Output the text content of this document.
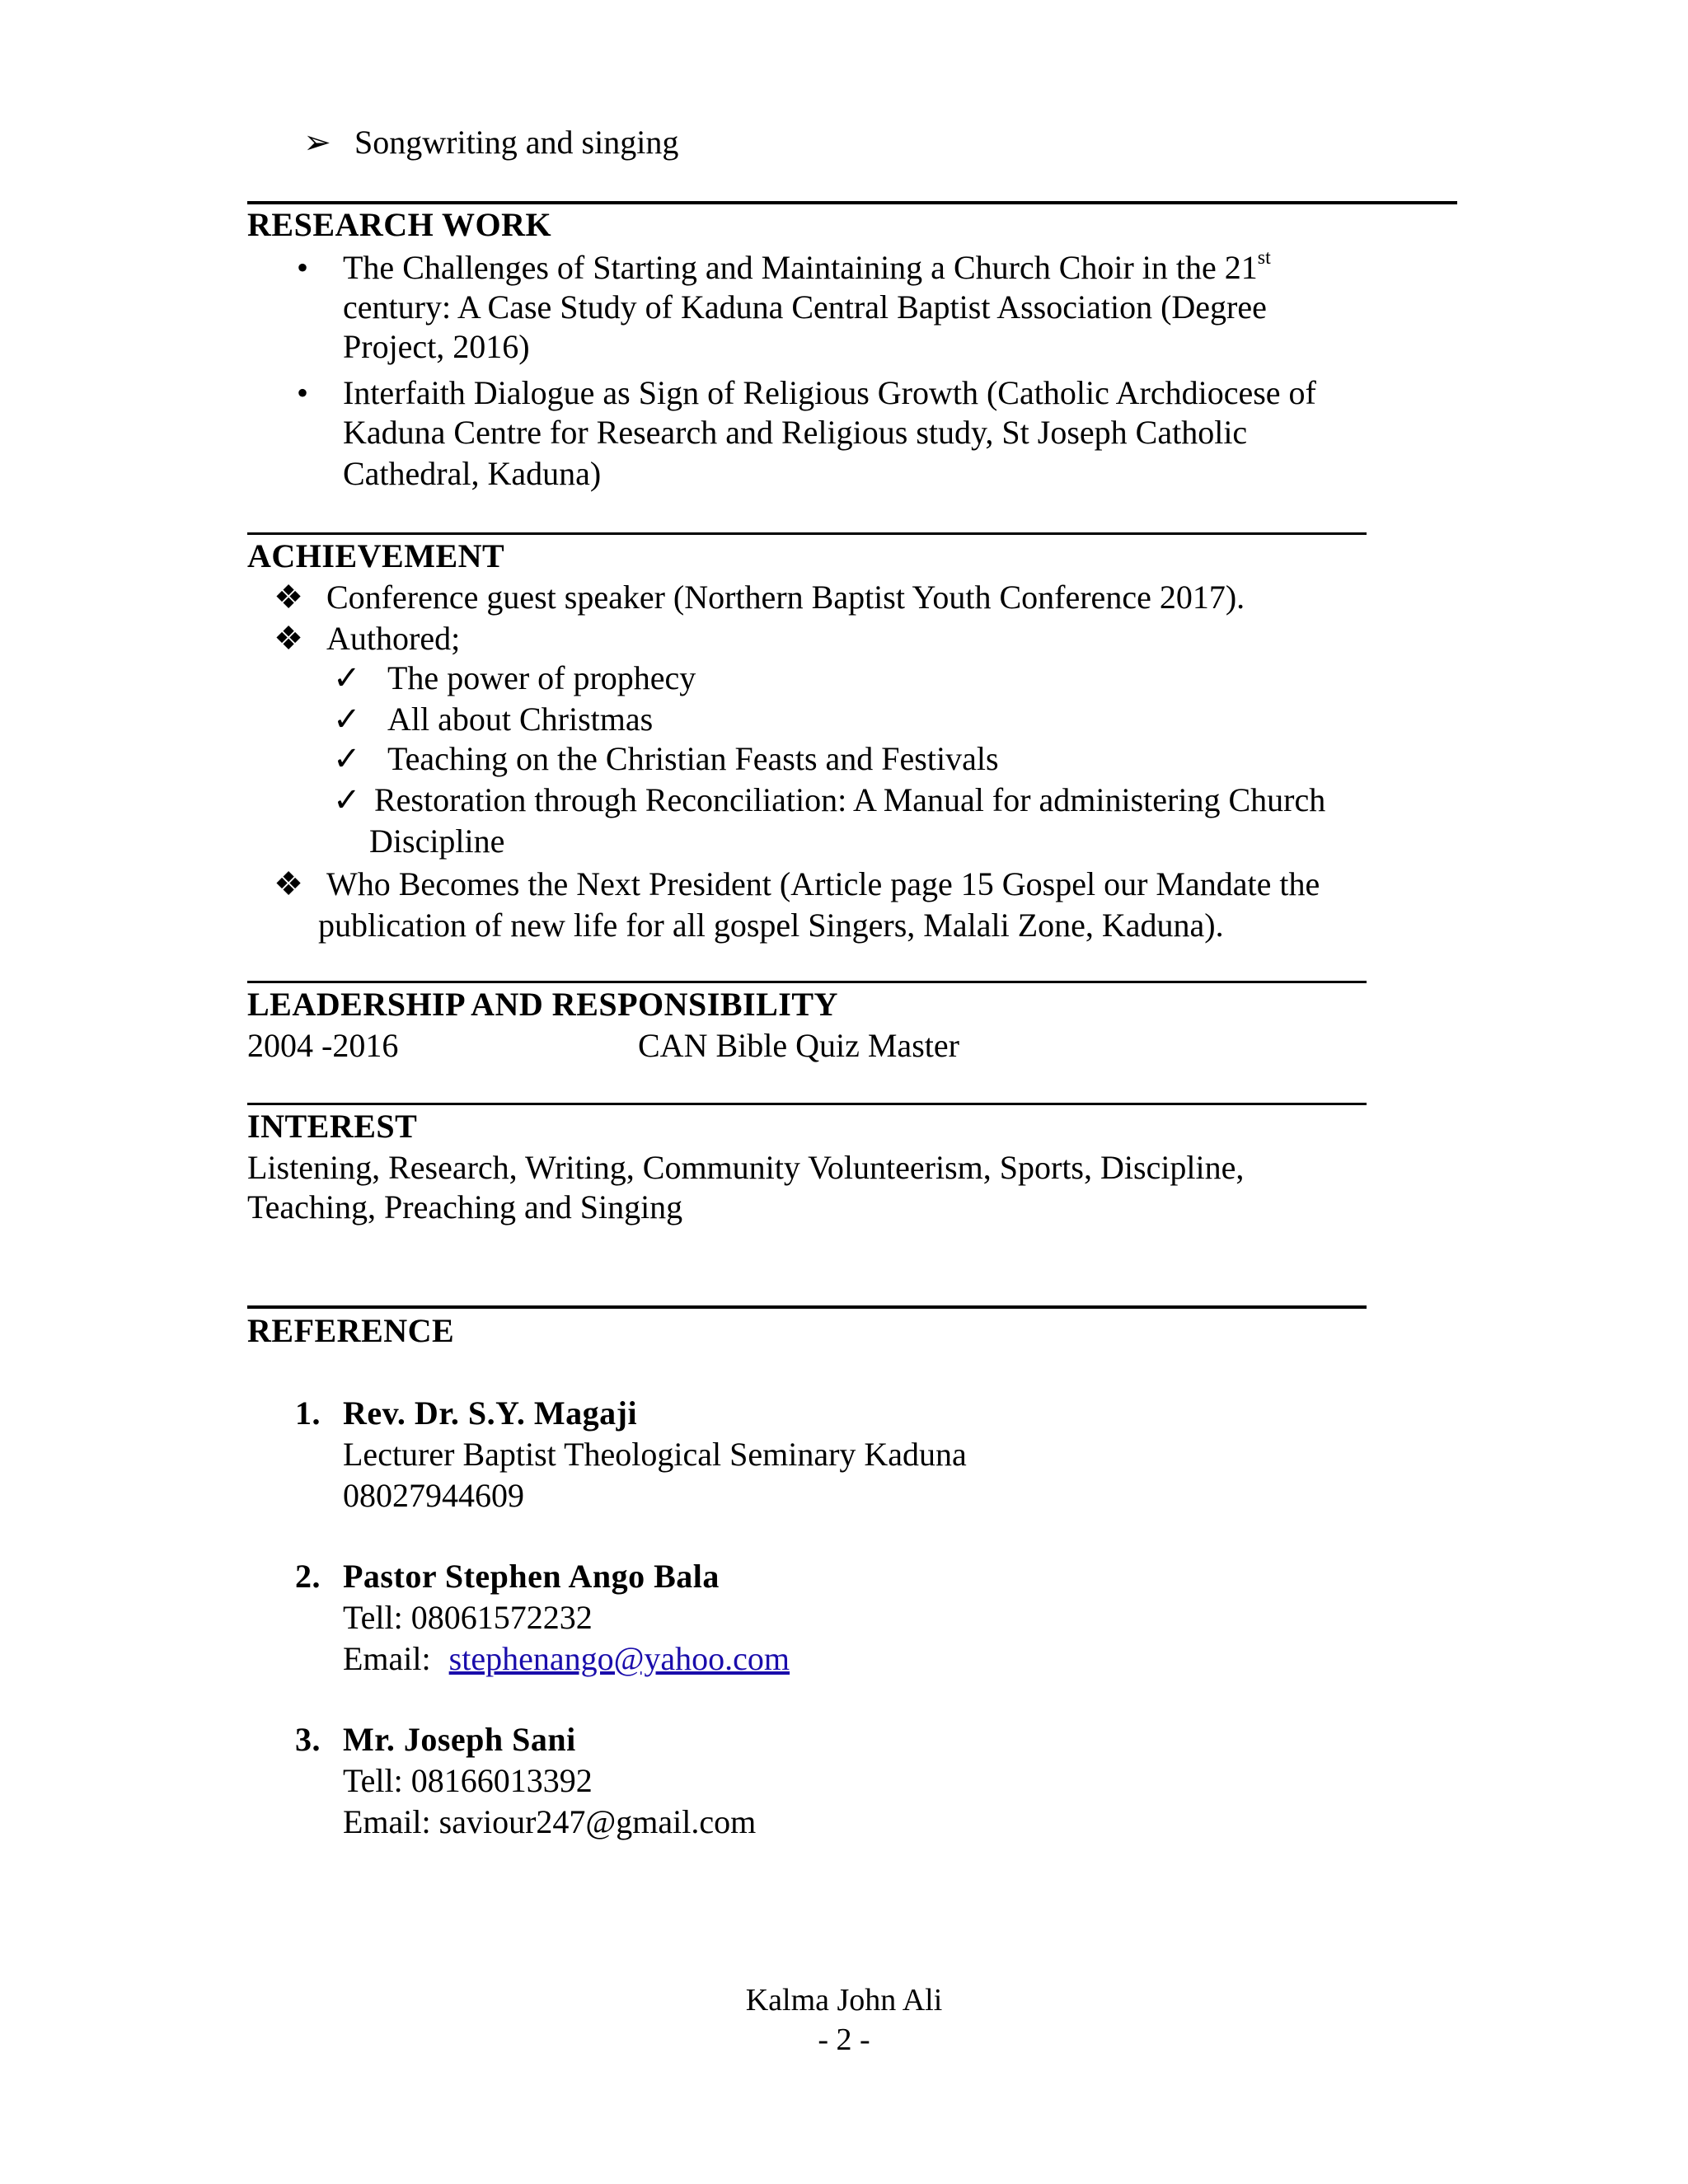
➢ Songwriting and singing
RESEARCH WORK
• The Challenges of Starting and Maintaining a Church Choir in the 21st
century: A Case Study of Kaduna Central Baptist Association (Degree
Project, 2016)
• Interfaith Dialogue as Sign of Religious Growth (Catholic Archdiocese of
Kaduna Centre for Research and Religious study, St Joseph Catholic
Cathedral, Kaduna)
ACHIEVEMENT
❖ Conference guest speaker (Northern Baptist Youth Conference 2017).
❖ Authored;
✓ The power of prophecy
✓ All about Christmas
✓ Teaching on the Christian Feasts and Festivals
✓ Restoration through Reconciliation: A Manual for administering Church
Discipline
❖ Who Becomes the Next President (Article page 15 Gospel our Mandate the
publication of new life for all gospel Singers, Malali Zone, Kaduna).
LEADERSHIP AND RESPONSIBILITY
2004 -2016	CAN Bible Quiz Master
INTEREST
Listening, Research, Writing, Community Volunteerism, Sports, Discipline,
Teaching, Preaching and Singing
REFERENCE
1. Rev. Dr. S.Y. Magaji
Lecturer Baptist Theological Seminary Kaduna
08027944609
2. Pastor Stephen Ango Bala
Tell: 08061572232
Email: stephenango@yahoo.com
3. Mr. Joseph Sani
Tell: 08166013392
Email: saviour247@gmail.com
Kalma John Ali
- 2 -
